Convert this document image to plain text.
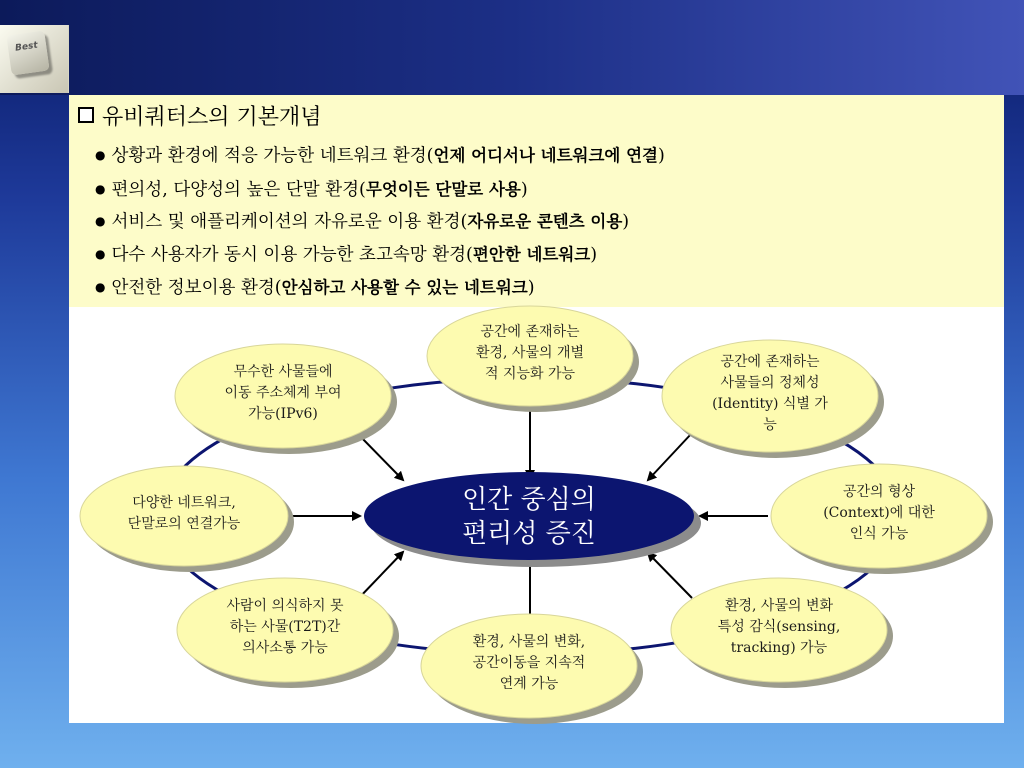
Best
유비쿼터스의 기본개념
● 상황과 환경에 적응 가능한 네트워크 환경(언제 어디서나 네트워크에 연결)
● 편의성, 다양성의 높은 단말 환경(무엇이든 단말로 사용)
● 서비스 및 애플리케이션의 자유로운 이용 환경(자유로운 콘텐츠 이용)
● 다수 사용자가 동시 이용 가능한 초고속망 환경(편안한 네트워크)
● 안전한 정보이용 환경(안심하고 사용할 수 있는 네트워크)
인간 중심의
편리성 증진
공간에 존재하는
환경, 사물의 개별
적 지능화 가능
공간에 존재하는
사물들의 정체성
(Identity) 식별 가
능
공간의 형상
(Context)에 대한
인식 가능
환경, 사물의 변화
특성 감식(sensing,
tracking) 가능
환경, 사물의 변화,
공간이동을 지속적
연계 가능
사람이 의식하지 못
하는 사물(T2T)간
의사소통 가능
다양한 네트워크,
단말로의 연결가능
무수한 사물들에
이동 주소체계 부여
가능(IPv6)
